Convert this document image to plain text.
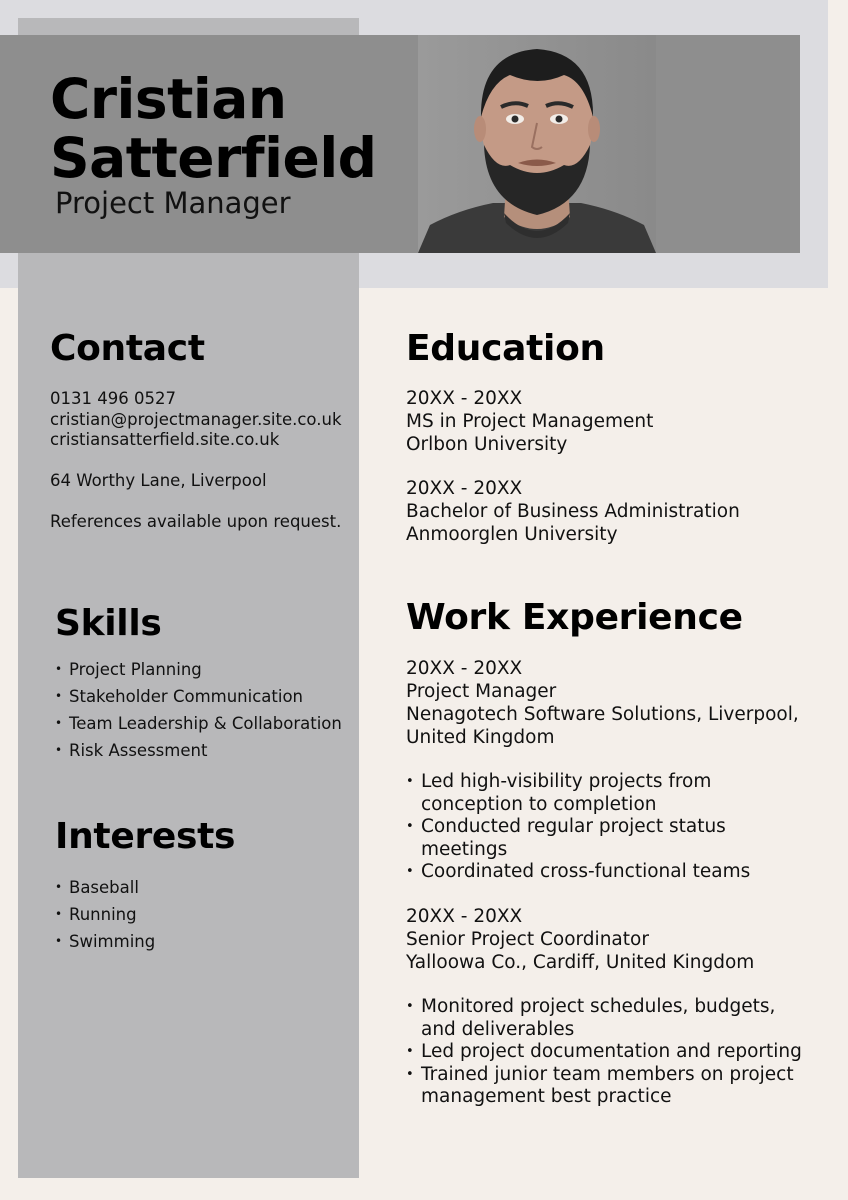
Cristian
Satterfield
Project Manager
Contact
0131 496 0527
cristian@projectmanager.site.co.uk
cristiansatterfield.site.co.uk
64 Worthy Lane, Liverpool
References available upon request.
Skills
• Project Planning
• Stakeholder Communication
• Team Leadership & Collaboration
• Risk Assessment
Interests
• Baseball
• Running
• Swimming
Education
20XX - 20XX
MS in Project Management
Orlbon University
20XX - 20XX
Bachelor of Business Administration
Anmoorglen University
Work Experience
20XX - 20XX
Project Manager
Nenagotech Software Solutions, Liverpool,
United Kingdom
• Led high-visibility projects from conception to completion
• Conducted regular project status meetings
• Coordinated cross-functional teams
20XX - 20XX
Senior Project Coordinator
Yalloowa Co., Cardiff, United Kingdom
• Monitored project schedules, budgets, and deliverables
• Led project documentation and reporting
• Trained junior team members on project management best practice
